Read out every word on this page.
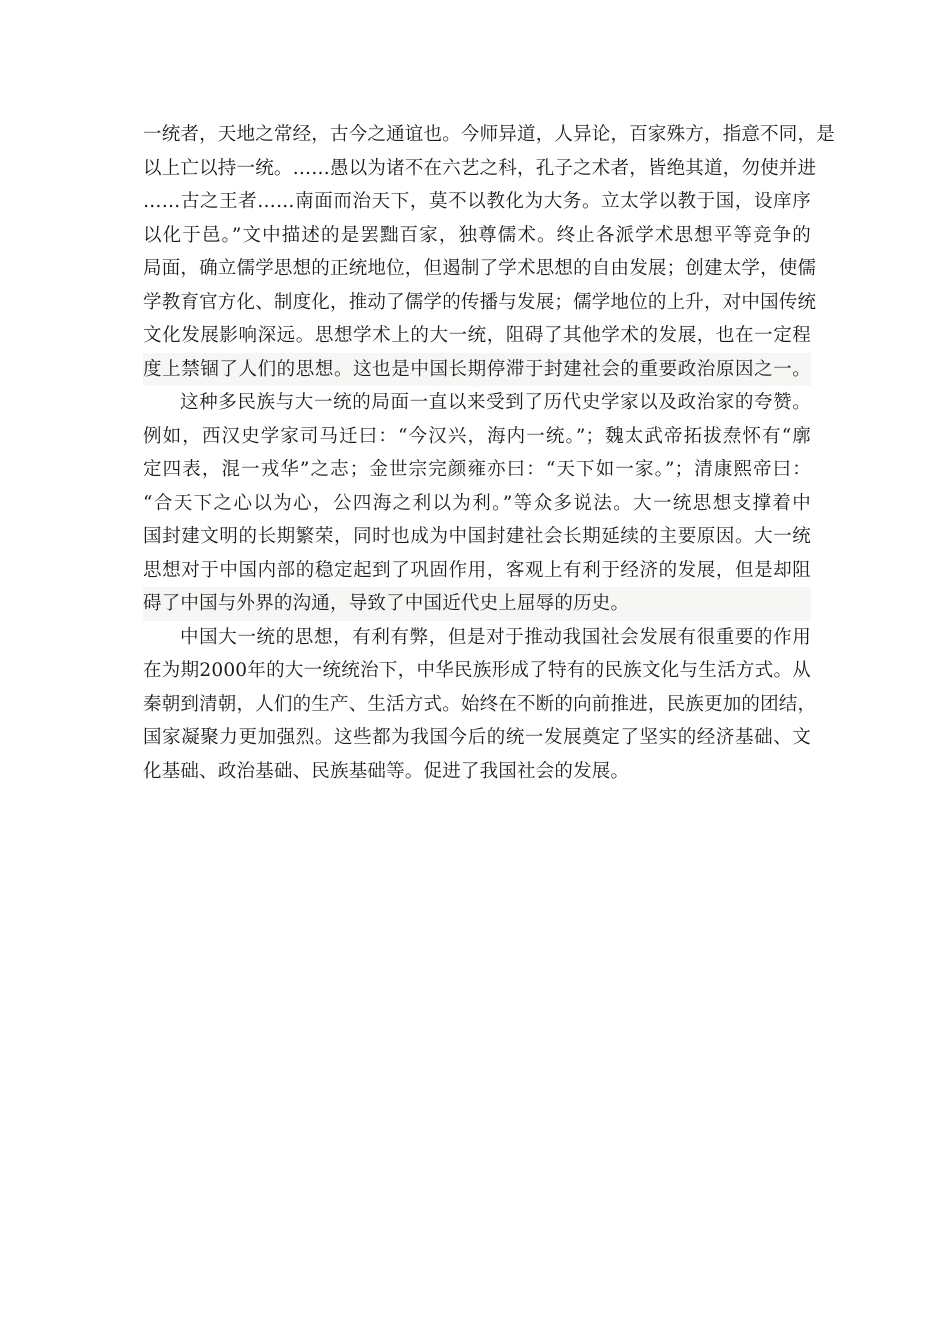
一统者，天地之常经，古今之通谊也。今师异道，人异论，百家殊方，指意不同，是
以上亡以持一统。……愚以为诸不在六艺之科，孔子之术者，皆绝其道，勿使并进
……古之王者……南面而治天下，莫不以教化为大务。立太学以教于国，设庠序
以化于邑。”文中描述的是罢黜百家，独尊儒术。终止各派学术思想平等竞争的
局面，确立儒学思想的正统地位，但遏制了学术思想的自由发展；创建太学，使儒
学教育官方化、制度化，推动了儒学的传播与发展；儒学地位的上升，对中国传统
文化发展影响深远。思想学术上的大一统，阻碍了其他学术的发展，也在一定程
度上禁锢了人们的思想。这也是中国长期停滞于封建社会的重要政治原因之一。
这种多民族与大一统的局面一直以来受到了历代史学家以及政治家的夸赞。
例如，西汉史学家司马迁曰：“今汉兴，海内一统。”；魏太武帝拓拔焘怀有“廓
定四表，混一戎华”之志；金世宗完颜雍亦曰：“天下如一家。”；清康熙帝曰：
“合天下之心以为心，公四海之利以为利。”等众多说法。大一统思想支撑着中
国封建文明的长期繁荣，同时也成为中国封建社会长期延续的主要原因。大一统
思想对于中国内部的稳定起到了巩固作用，客观上有利于经济的发展，但是却阻
碍了中国与外界的沟通，导致了中国近代史上屈辱的历史。
中国大一统的思想，有利有弊，但是对于推动我国社会发展有很重要的作用
在为期2000年的大一统统治下，中华民族形成了特有的民族文化与生活方式。从
秦朝到清朝，人们的生产、生活方式。始终在不断的向前推进，民族更加的团结，
国家凝聚力更加强烈。这些都为我国今后的统一发展奠定了坚实的经济基础、文
化基础、政治基础、民族基础等。促进了我国社会的发展。
